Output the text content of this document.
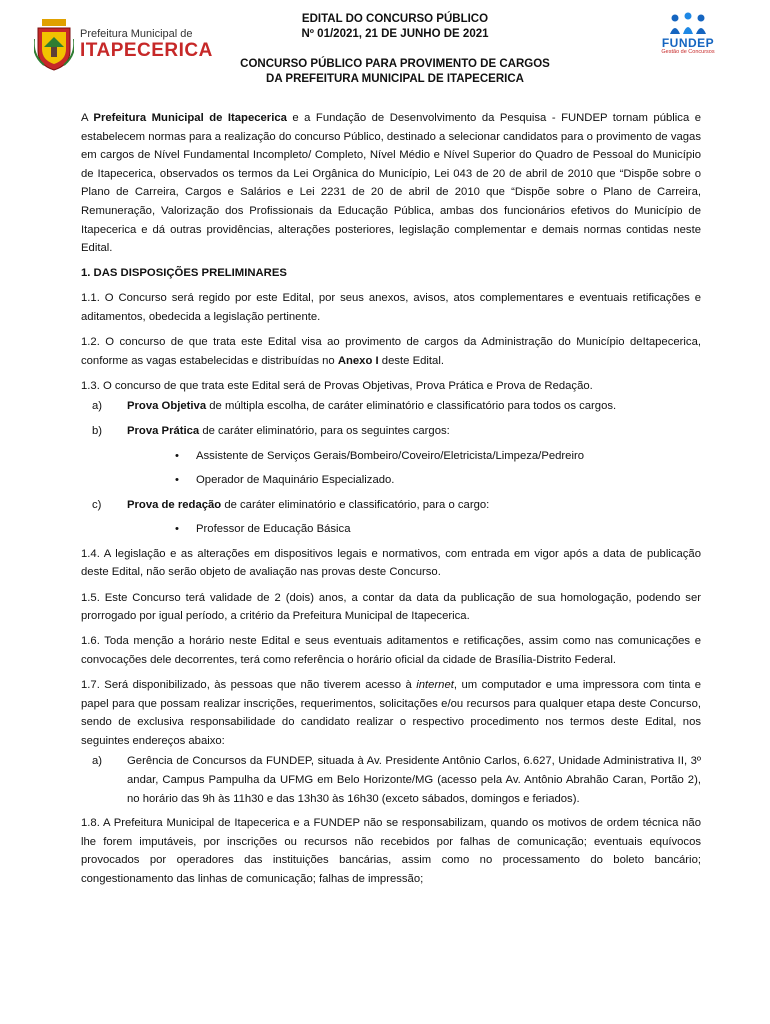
Prefeitura Municipal de
ITAPECERICA
EDITAL DO CONCURSO PÚBLICO
Nº 01/2021, 21 DE JUNHO DE 2021
CONCURSO PÚBLICO PARA PROVIMENTO DE CARGOS
DA PREFEITURA MUNICIPAL DE ITAPECERICA
FUNDEP
Gestão de Concursos

A Prefeitura Municipal de Itapecerica e a Fundação de Desenvolvimento da Pesquisa - FUNDEP tornam pública e estabelecem normas para a realização do concurso Público, destinado a selecionar candidatos para o provimento de vagas em cargos de Nível Fundamental Incompleto/ Completo, Nível Médio e Nível Superior do Quadro de Pessoal do Município de Itapecerica, observados os termos da Lei Orgânica do Município, Lei 043 de 20 de abril de 2010 que “Dispõe sobre o Plano de Carreira, Cargos e Salários e Lei 2231 de 20 de abril de 2010 que “Dispõe sobre o Plano de Carreira, Remuneração, Valorização dos Profissionais da Educação Pública, ambas dos funcionários efetivos do Município de Itapecerica e dá outras providências, alterações posteriores, legislação complementar e demais normas contidas neste Edital.

1. DAS DISPOSIÇÕES PRELIMINARES

1.1. O Concurso será regido por este Edital, por seus anexos, avisos, atos complementares e eventuais retificações e aditamentos, obedecida a legislação pertinente.

1.2. O concurso de que trata este Edital visa ao provimento de cargos da Administração do Município deItapecerica, conforme as vagas estabelecidas e distribuídas no Anexo I deste Edital.

1.3. O concurso de que trata este Edital será de Provas Objetivas, Prova Prática e Prova de Redação.

a) Prova Objetiva de múltipla escolha, de caráter eliminatório e classificatório para todos os cargos.
b) Prova Prática de caráter eliminatório, para os seguintes cargos:
• Assistente de Serviços Gerais/Bombeiro/Coveiro/Eletricista/Limpeza/Pedreiro
• Operador de Maquinário Especializado.
c) Prova de redação de caráter eliminatório e classificatório, para o cargo:
• Professor de Educação Básica

1.4. A legislação e as alterações em dispositivos legais e normativos, com entrada em vigor após a data de publicação deste Edital, não serão objeto de avaliação nas provas deste Concurso.

1.5. Este Concurso terá validade de 2 (dois) anos, a contar da data da publicação de sua homologação, podendo ser prorrogado por igual período, a critério da Prefeitura Municipal de Itapecerica.

1.6. Toda menção a horário neste Edital e seus eventuais aditamentos e retificações, assim como nas comunicações e convocações dele decorrentes, terá como referência o horário oficial da cidade de Brasília-Distrito Federal.

1.7. Será disponibilizado, às pessoas que não tiverem acesso à internet, um computador e uma impressora com tinta e papel para que possam realizar inscrições, requerimentos, solicitações e/ou recursos para qualquer etapa deste Concurso, sendo de exclusiva responsabilidade do candidato realizar o respectivo procedimento nos termos deste Edital, nos seguintes endereços abaixo:

a) Gerência de Concursos da FUNDEP, situada à Av. Presidente Antônio Carlos, 6.627, Unidade Administrativa II, 3º andar, Campus Pampulha da UFMG em Belo Horizonte/MG (acesso pela Av. Antônio Abrahão Caran, Portão 2), no horário das 9h às 11h30 e das 13h30 às 16h30 (exceto sábados, domingos e feriados).

1.8. A Prefeitura Municipal de Itapecerica e a FUNDEP não se responsabilizam, quando os motivos de ordem técnica não lhe forem imputáveis, por inscrições ou recursos não recebidos por falhas de comunicação; eventuais equívocos provocados por operadores das instituições bancárias, assim como no processamento do boleto bancário; congestionamento das linhas de comunicação; falhas de impressão;
